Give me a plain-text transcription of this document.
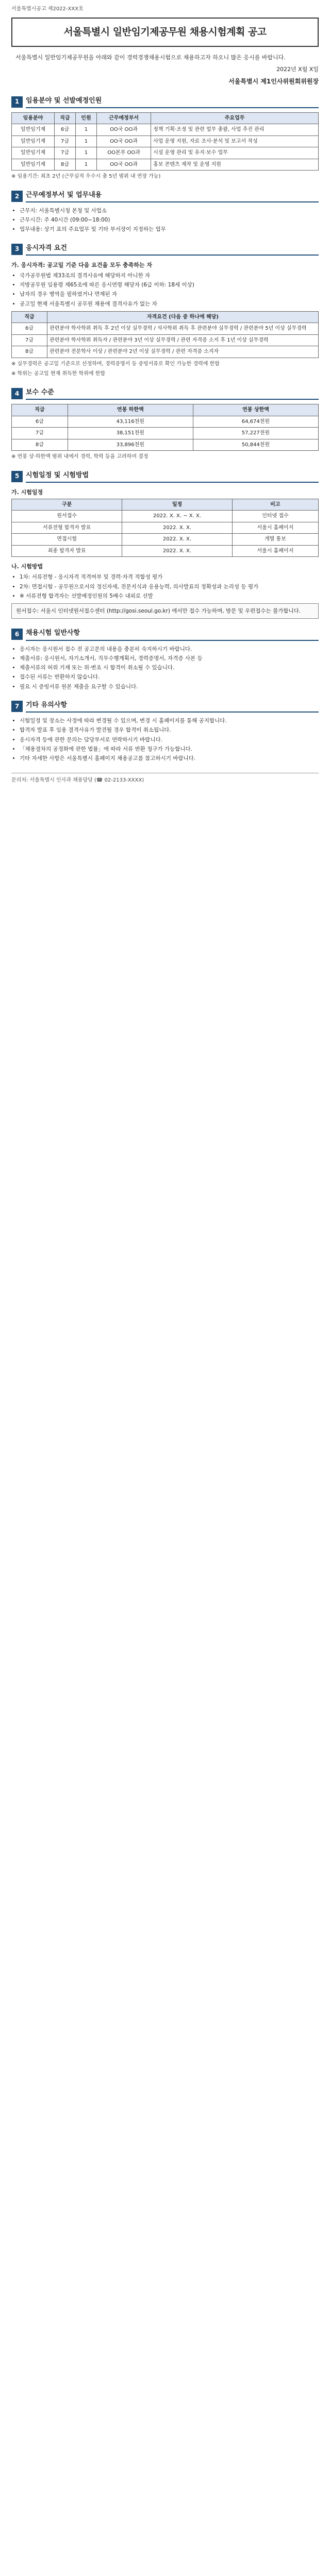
서울특별시공고 제2022-XXX호
서울특별시 일반임기제공무원 채용시험계획 공고
서울특별시 일반임기제공무원을 아래와 같이 경력경쟁채용시험으로 채용하고자 하오니 많은 응시를 바랍니다.
2022년 X월 X일
서울특별시 제1인사위원회위원장
1 임용분야 및 선발예정인원
임용분야	직급	인원	근무예정부서	주요업무
일반임기제	6급	1	OO국 OO과	정책 기획·조정 및 관련 업무 총괄, 사업 추진 관리
일반임기제	7급	1	OO국 OO과	사업 운영 지원, 자료 조사·분석 및 보고서 작성
일반임기제	7급	1	OO본부 OO과	시설 운영 관리 및 유지·보수 업무
일반임기제	8급	1	OO국 OO과	홍보 콘텐츠 제작 및 운영 지원
※ 임용기간: 최초 2년 (근무실적 우수시 총 5년 범위 내 연장 가능)
2 근무예정부서 및 업무내용
• 근무지: 서울특별시청 본청 및 사업소
• 근무시간: 주 40시간 (09:00~18:00)
• 업무내용: 상기 표의 주요업무 및 기타 부서장이 지정하는 업무
3 응시자격 요건
가. 응시자격: 공고일 기준 다음 요건을 모두 충족하는 자
• 국가공무원법 제33조의 결격사유에 해당하지 아니한 자
• 지방공무원 임용령 제65조에 따른 응시연령 해당자 (6급 이하: 18세 이상)
• 남자의 경우 병역을 필하였거나 면제된 자
• 공고일 현재 서울특별시 공무원 채용에 결격사유가 없는 자
직급	자격요건 (다음 중 하나에 해당)
6급	관련분야 학사학위 취득 후 2년 이상 실무경력 / 석사학위 취득 후 관련분야 실무경력 / 관련분야 5년 이상 실무경력
7급	관련분야 학사학위 취득자 / 관련분야 3년 이상 실무경력 / 관련 자격증 소지 후 1년 이상 실무경력
8급	관련분야 전문학사 이상 / 관련분야 2년 이상 실무경력 / 관련 자격증 소지자
※ 실무경력은 공고일 기준으로 산정하며, 경력증명서 등 증빙서류로 확인 가능한 경력에 한함
※ 학위는 공고일 현재 취득한 학위에 한함
4 보수 수준
직급	연봉 하한액	연봉 상한액
6급	43,116천원	64,674천원
7급	38,151천원	57,227천원
8급	33,896천원	50,844천원
※ 연봉 상·하한액 범위 내에서 경력, 학력 등을 고려하여 결정
5 시험일정 및 시험방법
가. 시험일정
구분	일정	비고
원서접수	2022. X. X. ~ X. X.	인터넷 접수
서류전형 합격자 발표	2022. X. X.	서울시 홈페이지
면접시험	2022. X. X.	개별 통보
최종 합격자 발표	2022. X. X.	서울시 홈페이지
나. 시험방법
• 1차: 서류전형 - 응시자격 적격여부 및 경력·자격 적합성 평가
• 2차: 면접시험 - 공무원으로서의 정신자세, 전문지식과 응용능력, 의사발표의 정확성과 논리성 등 평가
• ※ 서류전형 합격자는 선발예정인원의 5배수 내외로 선발
원서접수: 서울시 인터넷원서접수센터 (http://gosi.seoul.go.kr) 에서만 접수 가능하며, 방문 및 우편접수는 불가합니다.
6 채용시험 일반사항
• 응시자는 응시원서 접수 전 공고문의 내용을 충분히 숙지하시기 바랍니다.
• 제출서류: 응시원서, 자기소개서, 직무수행계획서, 경력증명서, 자격증 사본 등
• 제출서류의 허위 기재 또는 위·변조 시 합격이 취소될 수 있습니다.
• 접수된 서류는 반환하지 않습니다.
• 필요 시 증빙서류 원본 제출을 요구할 수 있습니다.
7 기타 유의사항
• 시험일정 및 장소는 사정에 따라 변경될 수 있으며, 변경 시 홈페이지를 통해 공지합니다.
• 합격자 발표 후 임용 결격사유가 발견될 경우 합격이 취소됩니다.
• 응시자격 등에 관한 문의는 담당부서로 연락하시기 바랍니다.
• 「채용절차의 공정화에 관한 법률」에 따라 서류 반환 청구가 가능합니다.
• 기타 자세한 사항은 서울특별시 홈페이지 채용공고를 참고하시기 바랍니다.
문의처: 서울특별시 인사과 채용담당 (☎ 02-2133-XXXX)
